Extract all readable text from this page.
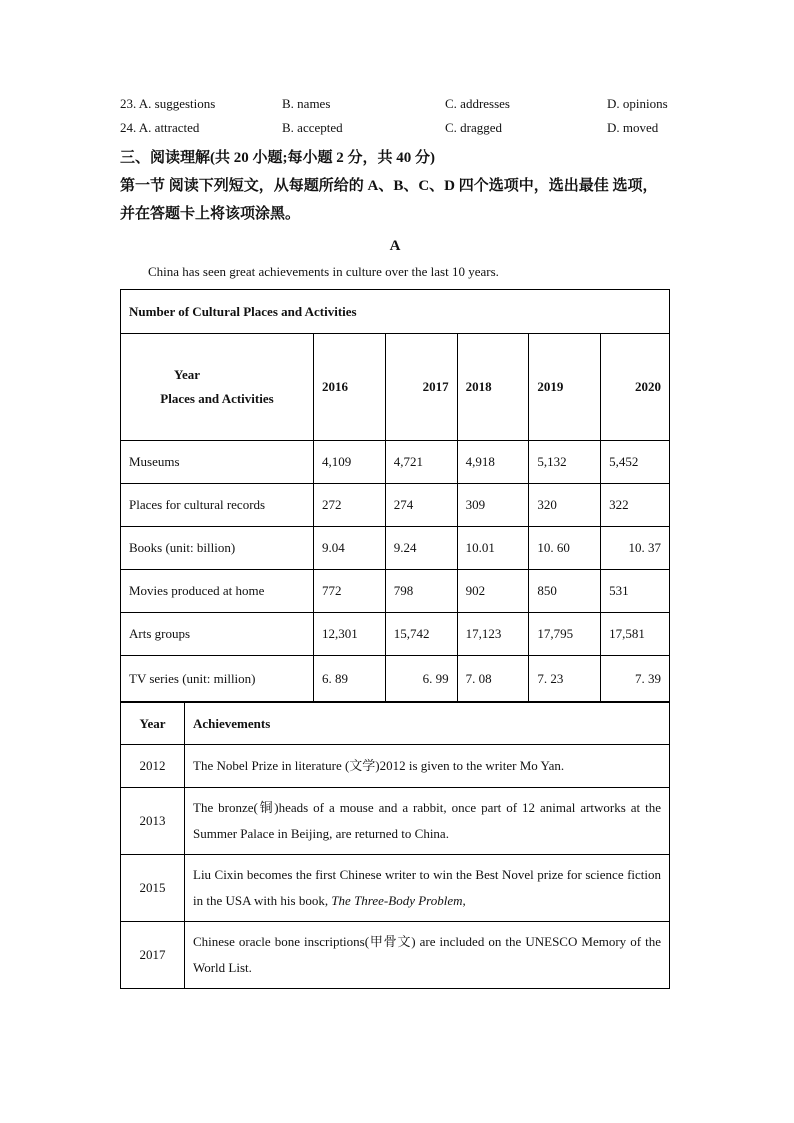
23. A. suggestions	B. names	C. addresses	D. opinions
24. A. attracted	B. accepted	C. dragged	D. moved
三、阅读理解(共 20 小题;每小题 2 分，共 40 分)
第一节 阅读下列短文，从每题所给的 A、B、C、D 四个选项中，选出最佳 选项，并在答题卡上将该项涂黑。
A
China has seen great achievements in culture over the last 10 years.
Number of Cultural Places and Activities					

Year
Places and Activities	2016	2017	2018	2019	2020
Museums	4,109	4,721	4,918	5,132	5,452
Places for cultural records	272	274	309	320	322
Books (unit: billion)	9.04	9.24	10.01	10. 60	10. 37
Movies produced at home	772	798	902	850	531
Arts groups	12,301	15,742	17,123	17,795	17,581
TV series (unit: million)	6. 89	6. 99	7. 08	7. 23	7. 39
Year	Achievements
2012	The Nobel Prize in literature (文学)2012 is given to the writer Mo Yan.
2013	The bronze(铜)heads of a mouse and a rabbit, once part of 12 animal artworks at the Summer Palace in Beijing, are returned to China.
2015	Liu Cixin becomes the first Chinese writer to win the Best Novel prize for science fiction in the USA with his book, The Three-Body Problem,
2017	Chinese oracle bone inscriptions(甲骨文) are included on the UNESCO Memory of the World List.
